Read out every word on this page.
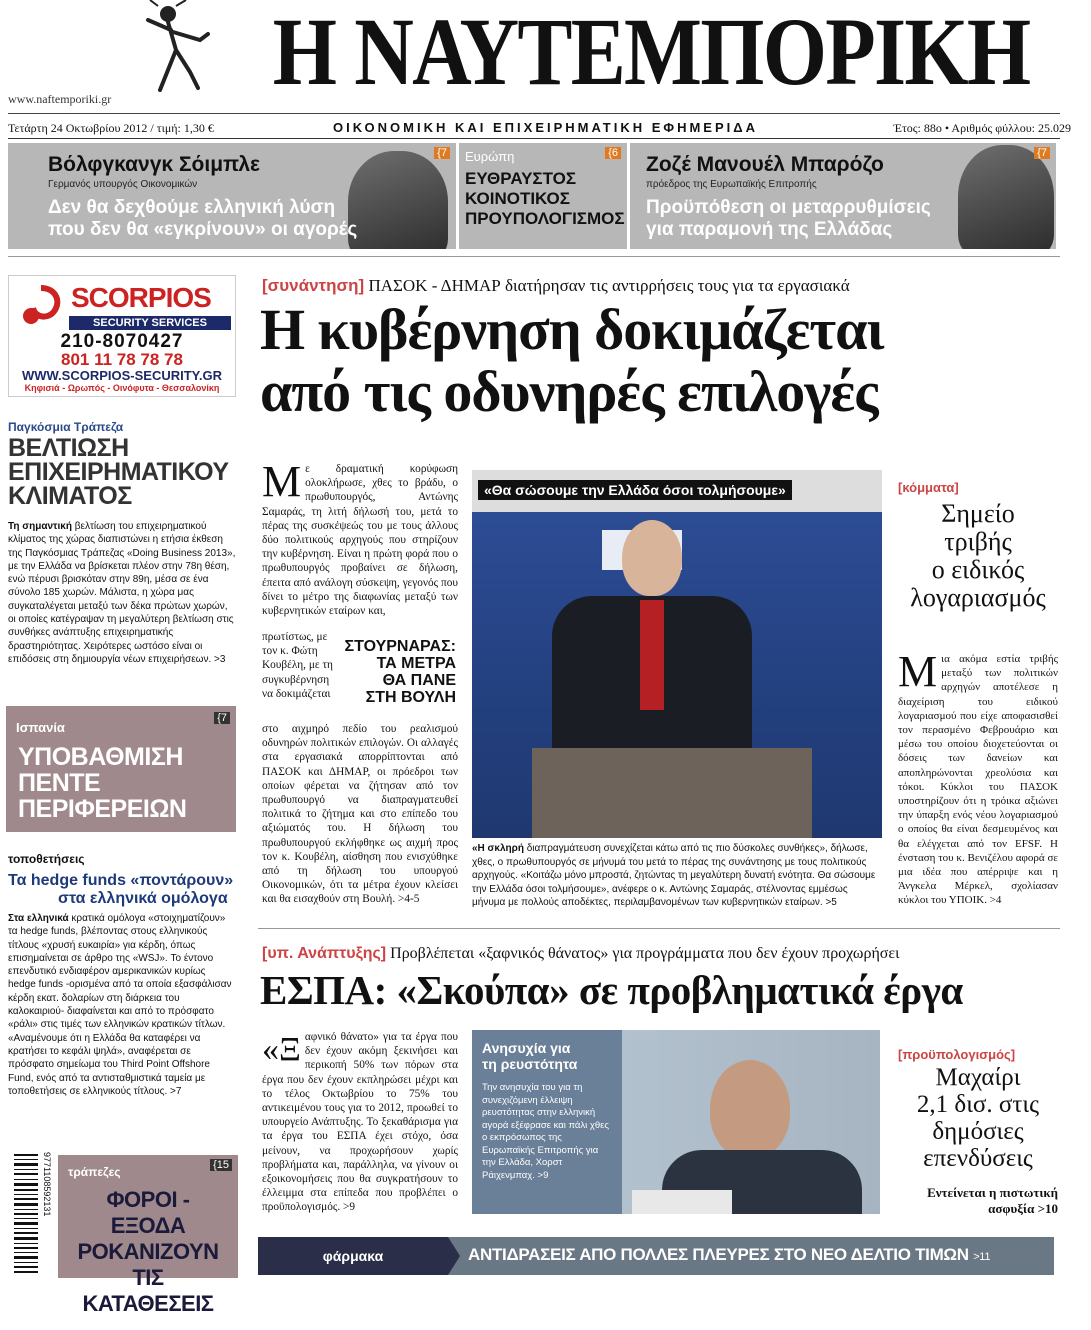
Η ΝΑΥΤΕΜΠΟΡΙΚΗ
www.naftemporiki.gr
Τετάρτη 24 Οκτωβρίου 2012 / τιμή: 1,30 €	ΟΙΚΟΝΟΜΙΚΗ ΚΑΙ ΕΠΙΧΕΙΡΗΜΑΤΙΚΗ ΕΦΗΜΕΡΙΔΑ	Έτος: 88ο • Αριθμός φύλλου: 25.029
{7
Βόλφγκανγκ Σόιμπλε
Γερμανός υπουργός Οικονομικών
Δεν θα δεχθούμε ελληνική λύση
που δεν θα «εγκρίνουν» οι αγορές
{6
Ευρώπη
ΕΥΘΡΑΥΣΤΟΣ
ΚΟΙΝΟΤΙΚΟΣ
ΠΡΟΥΠΟΛΟΓΙΣΜΟΣ
{7
Ζοζέ Μανουέλ Μπαρόζο
πρόεδρος της Ευρωπαϊκής Επιτροπής
Προϋπόθεση οι μεταρρυθμίσεις
για παραμονή της Ελλάδας
SCORPIOS
SECURITY SERVICES
210-8070427
801 11 78 78 78
WWW.SCORPIOS-SECURITY.GR
Κηφισιά - Ωρωπός - Οινόφυτα - Θεσσαλονίκη
Παγκόσμια Τράπεζα
ΒΕΛΤΙΩΣΗ
ΕΠΙΧΕΙΡΗΜΑΤΙΚΟΥ
ΚΛΙΜΑΤΟΣ
Τη σημαντική βελτίωση του επιχειρηματικού κλίματος της χώρας διαπιστώνει η ετήσια έκθεση της Παγκόσμιας Τράπεζας «Doing Business 2013», με την Ελλάδα να βρίσκεται πλέον στην 78η θέση, ενώ πέρυσι βρισκόταν στην 89η, μέσα σε ένα σύνολο 185 χωρών. Μάλιστα, η χώρα μας συγκαταλέγεται μεταξύ των δέκα πρώτων χωρών, οι οποίες κατέγραψαν τη μεγαλύτερη βελτίωση στις συνθήκες ανάπτυξης επιχειρηματικής δραστηριότητας. Χειρότερες ωστόσο είναι οι επιδόσεις στη δημιουργία νέων επιχειρήσεων. >3
Ισπανία
{7
ΥΠΟΒΑΘΜΙΣΗ
ΠΕΝΤΕ
ΠΕΡΙΦΕΡΕΙΩΝ
τοποθετήσεις
Τα hedge funds «ποντάρουν»
στα ελληνικά ομόλογα
Στα ελληνικά κρατικά ομόλογα «στοιχηματίζουν» τα hedge funds, βλέποντας στους ελληνικούς τίτλους «χρυσή ευκαιρία» για κέρδη, όπως επισημαίνεται σε άρθρο της «WSJ». Το έντονο επενδυτικό ενδιαφέρον αμερικανικών κυρίως hedge funds -ορισμένα από τα οποία εξασφάλισαν κέρδη εκατ. δολαρίων στη διάρκεια του καλοκαιριού- διαφαίνεται και από το πρόσφατο «ράλι» στις τιμές των ελληνικών κρατικών τίτλων. «Αναμένουμε ότι η Ελλάδα θα καταφέρει να κρατήσει το κεφάλι ψηλά», αναφέρεται σε πρόσφατο σημείωμα του Third Point Offshore Fund, ενός από τα αντισταθμιστικά ταμεία με τοποθετήσεις σε ελληνικούς τίτλους. >7
9771108592131 τράπεζες	{15
ΦΟΡΟΙ - ΕΞΟΔΑ
ΡΟΚΑΝΙΖΟΥΝ
ΤΙΣ ΚΑΤΑΘΕΣΕΙΣ
[συνάντηση] ΠΑΣΟΚ - ΔΗΜΑΡ διατήρησαν τις αντιρρήσεις τους για τα εργασιακά
Η κυβέρνηση δοκιμάζεται
από τις οδυνηρές επιλογές
Με δραματική κορύφωση ολοκλήρωσε, χθες το βράδυ, ο πρωθυπουργός, Αντώνης Σαμαράς, τη λιτή δήλωσή του, μετά το πέρας της συσκέψεώς του με τους άλλους δύο πολιτικούς αρχηγούς που στηρίζουν την κυβέρνηση. Είναι η πρώτη φορά που ο πρωθυπουργός προβαίνει σε δήλωση, έπειτα από ανάλογη σύσκεψη, γεγονός που δίνει το μέτρο της διαφωνίας μεταξύ των κυβερνητικών εταίρων και,
πρωτίστως, με τον κ. Φώτη Κουβέλη, με τη συγκυβέρνηση να δοκιμάζεται
ΣΤΟΥΡΝΑΡΑΣ:
ΤΑ ΜΕΤΡΑ
ΘΑ ΠΑΝΕ
ΣΤΗ ΒΟΥΛΗ
στο αιχμηρό πεδίο του ρεαλισμού οδυνηρών πολιτικών επιλογών. Οι αλλαγές στα εργασιακά απορρίπτονται από ΠΑΣΟΚ και ΔΗΜΑΡ, οι πρόεδροι των οποίων φέρεται να ζήτησαν από τον πρωθυπουργό να διαπραγματευθεί πολιτικά το ζήτημα και στο επίπεδο του αξιώματός του. Η δήλωση του πρωθυπουργού εκλήφθηκε ως αιχμή προς τον κ. Κουβέλη, αίσθηση που ενισχύθηκε από τη δήλωση του υπουργού Οικονομικών, ότι τα μέτρα έχουν κλείσει και θα εισαχθούν στη Βουλή. >4-5
«Θα σώσουμε την Ελλάδα όσοι τολμήσουμε»
«Η σκληρή διαπραγμάτευση συνεχίζεται κάτω από τις πιο δύσκολες συνθήκες», δήλωσε, χθες, ο πρωθυπουργός σε μήνυμά του μετά το πέρας της συνάντησης με τους πολιτικούς αρχηγούς. «Κοιτάζω μόνο μπροστά, ζητώντας τη μεγαλύτερη δυνατή ενότητα. Θα σώσουμε την Ελλάδα όσοι τολμήσουμε», ανέφερε ο κ. Αντώνης Σαμαράς, στέλνοντας εμμέσως μήνυμα με πολλούς αποδέκτες, περιλαμβανομένων των κυβερνητικών εταίρων. >5
[κόμματα]
Σημείο
τριβής
ο ειδικός
λογαριασμός
Μια ακόμα εστία τριβής μεταξύ των πολιτικών αρχηγών αποτέλεσε η διαχείριση του ειδικού λογαριασμού που είχε αποφασισθεί τον περασμένο Φεβρουάριο και μέσω του οποίου διοχετεύονται οι δόσεις των δανείων και αποπληρώνονται χρεολύσια και τόκοι. Κύκλοι του ΠΑΣΟΚ υποστηρίζουν ότι η τρόικα αξιώνει την ύπαρξη ενός νέου λογαριασμού ο οποίος θα είναι δεσμευμένος και θα ελέγχεται από τον EFSF. Η ένσταση του κ. Βενιζέλου αφορά σε μια ιδέα που απέρριψε και η Άνγκελα Μέρκελ, σχολίασαν κύκλοι του ΥΠΟΙΚ. >4
[υπ. Ανάπτυξης] Προβλέπεται «ξαφνικός θάνατος» για προγράμματα που δεν έχουν προχωρήσει
ΕΣΠΑ: «Σκούπα» σε προβληματικά έργα
«Ξαφνικό θάνατο» για τα έργα που δεν έχουν ακόμη ξεκινήσει και περικοπή 50% των πόρων στα έργα που δεν έχουν εκπληρώσει μέχρι και το τέλος Οκτωβρίου το 75% του αντικειμένου τους για το 2012, προωθεί το υπουργείο Ανάπτυξης. Το ξεκαθάρισμα για τα έργα του ΕΣΠΑ έχει στόχο, όσα μείνουν, να προχωρήσουν χωρίς προβλήματα και, παράλληλα, να γίνουν οι εξοικονομήσεις που θα συγκρατήσουν το έλλειμμα στα επίπεδα που προβλέπει ο προϋπολογισμός. >9
Ανησυχία για
τη ρευστότητα
Την ανησυχία του για τη συνεχιζόμενη έλλειψη ρευστότητας στην ελληνική αγορά εξέφρασε και πάλι χθες ο εκπρόσωπος της Ευρωπαϊκής Επιτροπής για την Ελλάδα, Χορστ Ράιχενμπαχ. >9
[προϋπολογισμός]
Μαχαίρι
2,1 δισ. στις
δημόσιες
επενδύσεις
Εντείνεται η πιστωτική
ασφυξία >10
φάρμακα	ΑΝΤΙΔΡΑΣΕΙΣ ΑΠΟ ΠΟΛΛΕΣ ΠΛΕΥΡΕΣ ΣΤΟ ΝΕΟ ΔΕΛΤΙΟ ΤΙΜΩΝ >11
